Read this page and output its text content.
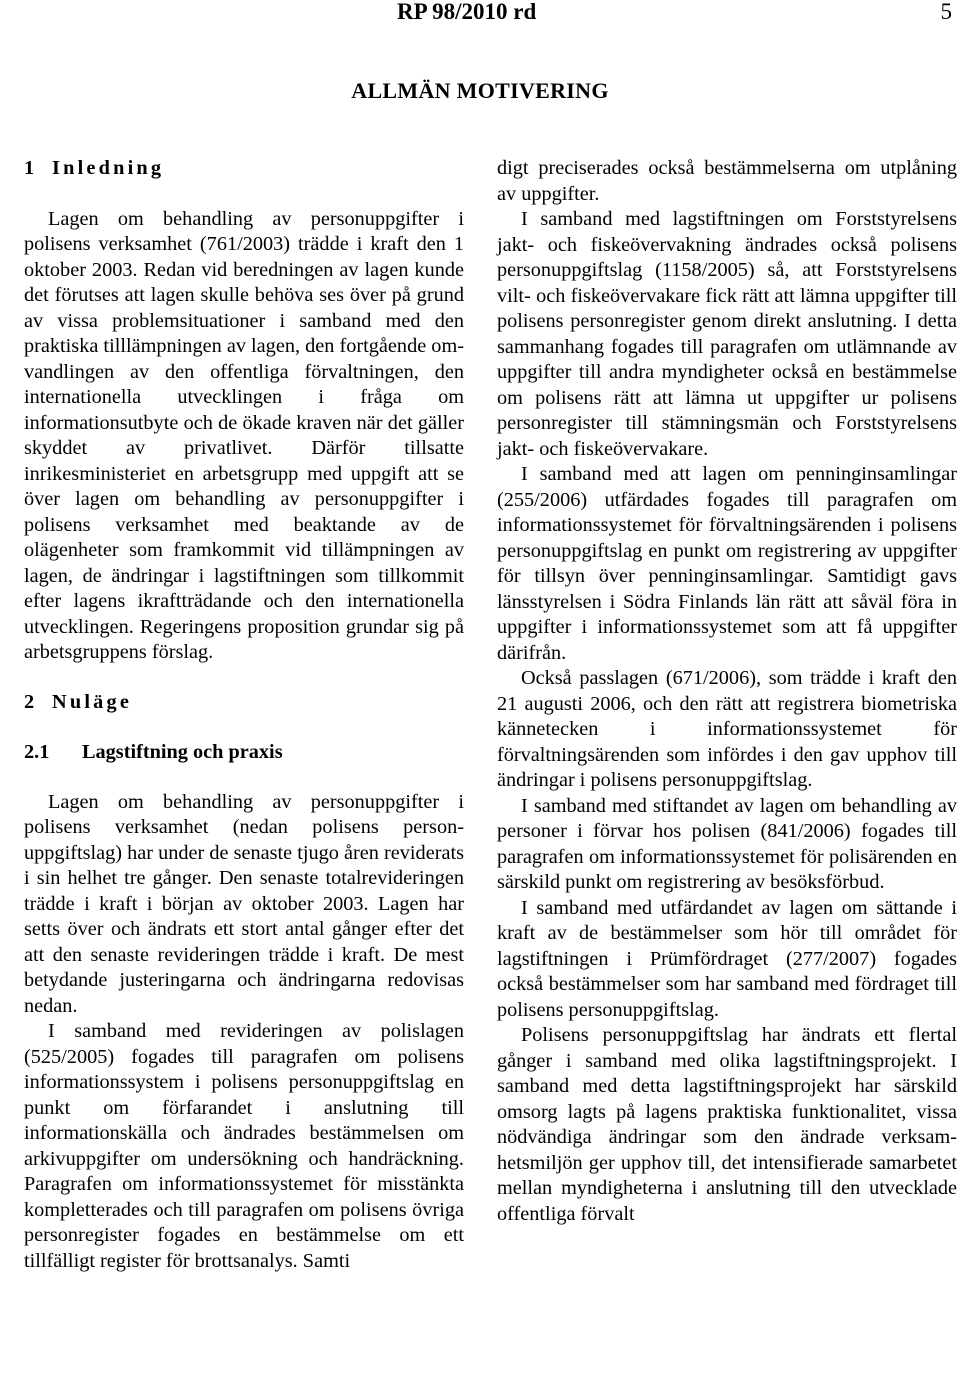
RP 98/2010 rd	5
ALLMÄN MOTIVERING
1 Inledning

Lagen om behandling av personuppgifter i polisens verksamhet (761/2003) trädde i kraft den 1 oktober 2003. Redan vid beredningen av lagen kunde det förutses att lagen skulle behöva ses över på grund av vissa problemsituationer i samband med den praktiska tilllämpningen av lagen, den fortgående omvandlingen av den offentliga förvaltningen, den internationella utvecklingen i fråga om informationsutbyte och de ökade kraven när det gäller skyddet av privatlivet. Därför tillsatte inrikesministeriet en arbetsgrupp med uppgift att se över lagen om behandling av personuppgifter i polisens verksamhet med beaktande av de olägenheter som framkommit vid tillämpningen av lagen, de ändringar i lagstiftningen som tillkommit efter lagens ikraftträdande och den internationella utvecklingen. Regeringens proposition grundar sig på arbetsgruppens förslag.

2 Nuläge
2.1 Lagstiftning och praxis

Lagen om behandling av personuppgifter i polisens verksamhet (nedan polisens personuppgiftslag) har under de senaste tjugo åren reviderats i sin helhet tre gånger. Den senaste totalrevideringen trädde i kraft i början av oktober 2003. Lagen har setts över och ändrats ett stort antal gånger efter det att den senaste revideringen trädde i kraft. De mest betydande justeringarna och ändringarna redovisas nedan.

I samband med revideringen av polislagen (525/2005) fogades till paragrafen om polisens informationssystem i polisens personuppgiftslag en punkt om förfarandet i anslutning till informationskälla och ändrades bestämmelsen om arkivuppgifter om undersökning och handräckning. Paragrafen om informationssystemet för misstänkta kompletterades och till paragrafen om polisens övriga personregister fogades en bestämmelse om ett tillfälligt register för brottsanalys. Samti

digt preciserades också bestämmelserna om utplåning av uppgifter.

I samband med lagstiftningen om Forststyrelsens jakt- och fiskeövervakning ändrades också polisens personuppgiftslag (1158/2005) så, att Forststyrelsens vilt- och fiskeövervakare fick rätt att lämna uppgifter till polisens personregister genom direkt anslutning. I detta sammanhang fogades till paragrafen om utlämnande av uppgifter till andra myndigheter också en bestämmelse om polisens rätt att lämna ut uppgifter ur polisens personregister till stämningsmän och Forststyrelsens jakt- och fiskeövervakare.

I samband med att lagen om penninginsamlingar (255/2006) utfärdades fogades till paragrafen om informationssystemet för förvaltningsärenden i polisens personuppgiftslag en punkt om registrering av uppgifter för tillsyn över penninginsamlingar. Samtidigt gavs länsstyrelsen i Södra Finlands län rätt att såväl föra in uppgifter i informationssystemet som att få uppgifter därifrån.

Också passlagen (671/2006), som trädde i kraft den 21 augusti 2006, och den rätt att registrera biometriska kännetecken i informationssystemet för förvaltningsärenden som infördes i den gav upphov till ändringar i polisens personuppgiftslag.

I samband med stiftandet av lagen om behandling av personer i förvar hos polisen (841/2006) fogades till paragrafen om informationssystemet för polisärenden en särskild punkt om registrering av besöksförbud.

I samband med utfärdandet av lagen om sättande i kraft av de bestämmelser som hör till området för lagstiftningen i Prümfördraget (277/2007) fogades också bestämmelser som har samband med fördraget till polisens personuppgiftslag.

Polisens personuppgiftslag har ändrats ett flertal gånger i samband med olika lagstiftningsprojekt. I samband med detta lagstiftningsprojekt har särskild omsorg lagts på lagens praktiska funktionalitet, vissa nödvändiga ändringar som den ändrade verksamhetsmiljön ger upphov till, det intensifierade samarbetet mellan myndigheterna i anslutning till den utvecklade offentliga förvalt
